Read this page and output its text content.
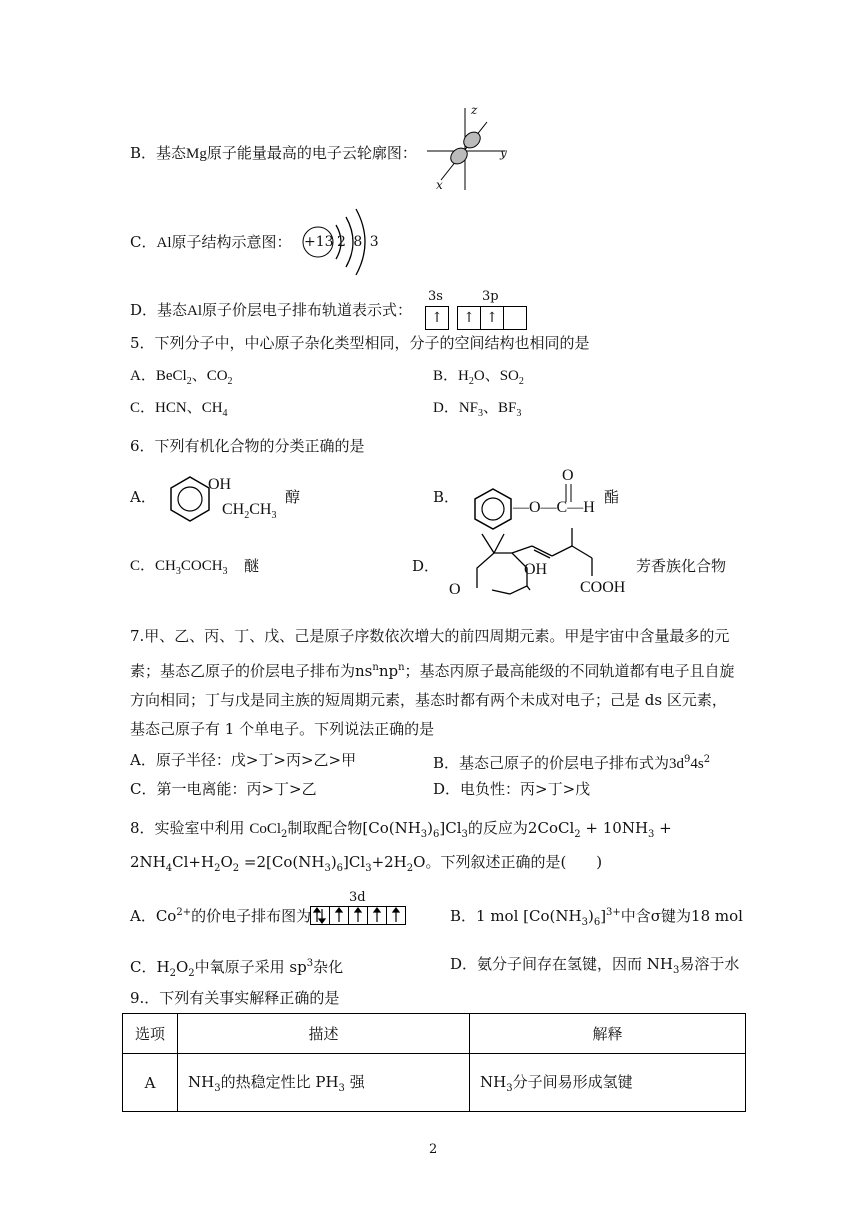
B．基态Mg原子能量最高的电子云轮廓图：
z
y
x
C．Al原子结构示意图： +13 2 8 3
D．基态Al原子价层电子排布轨道表示式：
3s	3p
↑	↑ ↑
5．下列分子中，中心原子杂化类型相同，分子的空间结构也相同的是
A．BeCl$_2$、$CO_2$	B．$H_2O$、$SO_2$
C．HCN、$CH_4$	D．$NF_3$、$BF_3$
6．下列有机化合物的分类正确的是
A．
OH
$CH_2CH_3$
醇	B．
O
—O—C—H
酯
C．$CH_3COCH_3$ 醚	D．	OH
O	COOH
芳香族化合物
7.甲、乙、丙、丁、戊、己是原子序数依次增大的前四周期元素。甲是宇宙中含量最多的元
素；基态乙原子的价层电子排布为$ns^nnp^n$；基态丙原子最高能级的不同轨道都有电子且自旋
方向相同；丁与戊是同主族的短周期元素，基态时都有两个未成对电子；己是 ds 区元素，
基态己原子有 1 个单电子。下列说法正确的是
A．原子半径：戊>丁>丙>乙>甲	B．基态己原子的价层电子排布式为$3d^94s^2$
C．第一电离能：丙>丁>乙	D．电负性：丙>丁>戊
8．实验室中利用 CoCl$_2$制取配合物$[Co(NH_3)_6]Cl_3$的反应为2CoCl$_2$ + $10NH_3$ +
$2NH_4Cl+H_2O_2 =2[Co(NH_3)_6]Cl_3+2H_2O$。下列叙述正确的是(　　)
A．$Co^{2+}$的价电子排布图为
3d
B．1 mol $[Co(NH_3)_6]^{3+}$中含σ键为18 mol
C．$H_2O_2$中氧原子采用 $sp^3$杂化	D．氨分子间存在氢键，因而 $NH_3$易溶于水
9.．下列有关事实解释正确的是
选项	描述	解释
A	$NH_3$的热稳定性比 $PH_3$ 强	$NH_3$分子间易形成氢键
2
